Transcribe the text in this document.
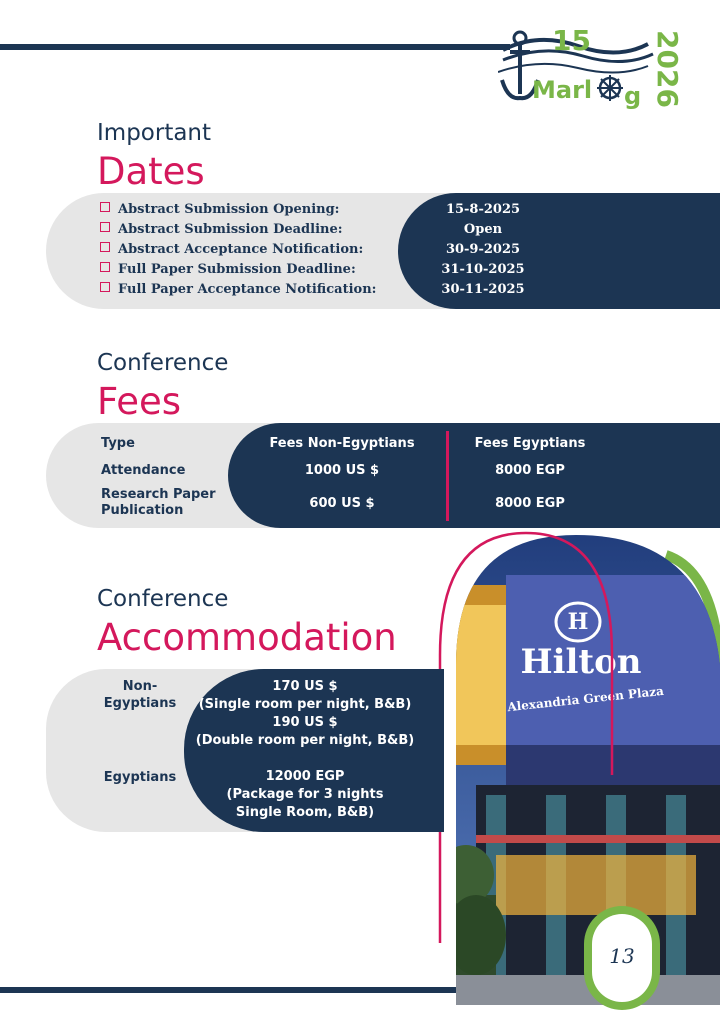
15
Marl g 2026
Important
Dates
Abstract Submission Opening:
Abstract Submission Deadline:
Abstract Acceptance Notification:
Full Paper Submission Deadline:
Full Paper Acceptance Notification:
15-8-2025
Open
30-9-2025
31-10-2025
30-11-2025
Conference
Fees
Type
Attendance
Research Paper Publication
Fees Non-Egyptians
1000 US $
600 US $
Fees Egyptians
8000 EGP
8000 EGP
H
Hilton
Alexandria Green Plaza
Conference
Accommodation
Non-Egyptians
Egyptians
170 US $
(Single room per night, B&B)
190 US $
(Double room per night, B&B)
12000 EGP
(Package for 3 nights
Single Room, B&B)
13
